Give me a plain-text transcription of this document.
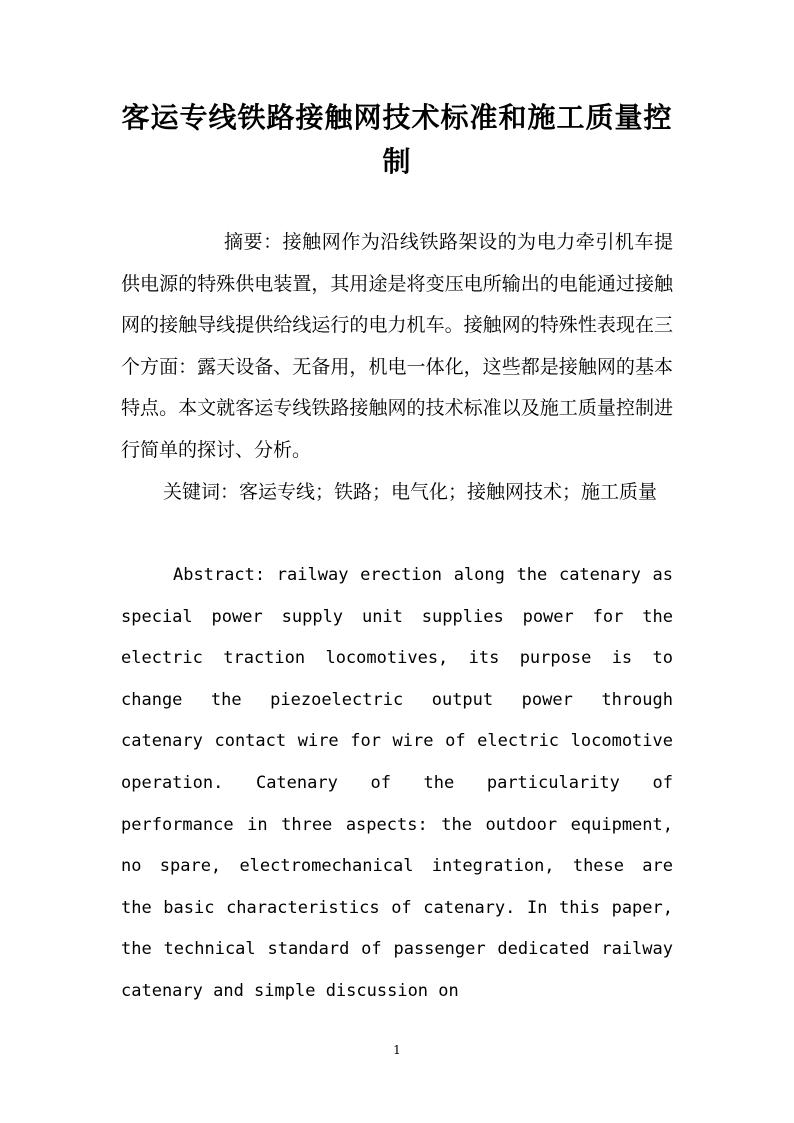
客运专线铁路接触网技术标准和施工质量控制
摘要：接触网作为沿线铁路架设的为电力牵引机车提供电源的特殊供电装置，其用途是将变压电所输出的电能通过接触网的接触导线提供给线运行的电力机车。接触网的特殊性表现在三个方面：露天设备、无备用，机电一体化，这些都是接触网的基本特点。本文就客运专线铁路接触网的技术标准以及施工质量控制进行简单的探讨、分析。
关键词：客运专线；铁路；电气化；接触网技术；施工质量
Abstract: railway erection along the catenary as special power supply unit supplies power for the electric traction locomotives, its purpose is to change the piezoelectric output power through catenary contact wire for wire of electric locomotive operation. Catenary of the particularity of performance in three aspects: the outdoor equipment, no spare, electromechanical integration, these are the basic characteristics of catenary. In this paper, the technical standard of passenger dedicated railway catenary and simple discussion on
1
